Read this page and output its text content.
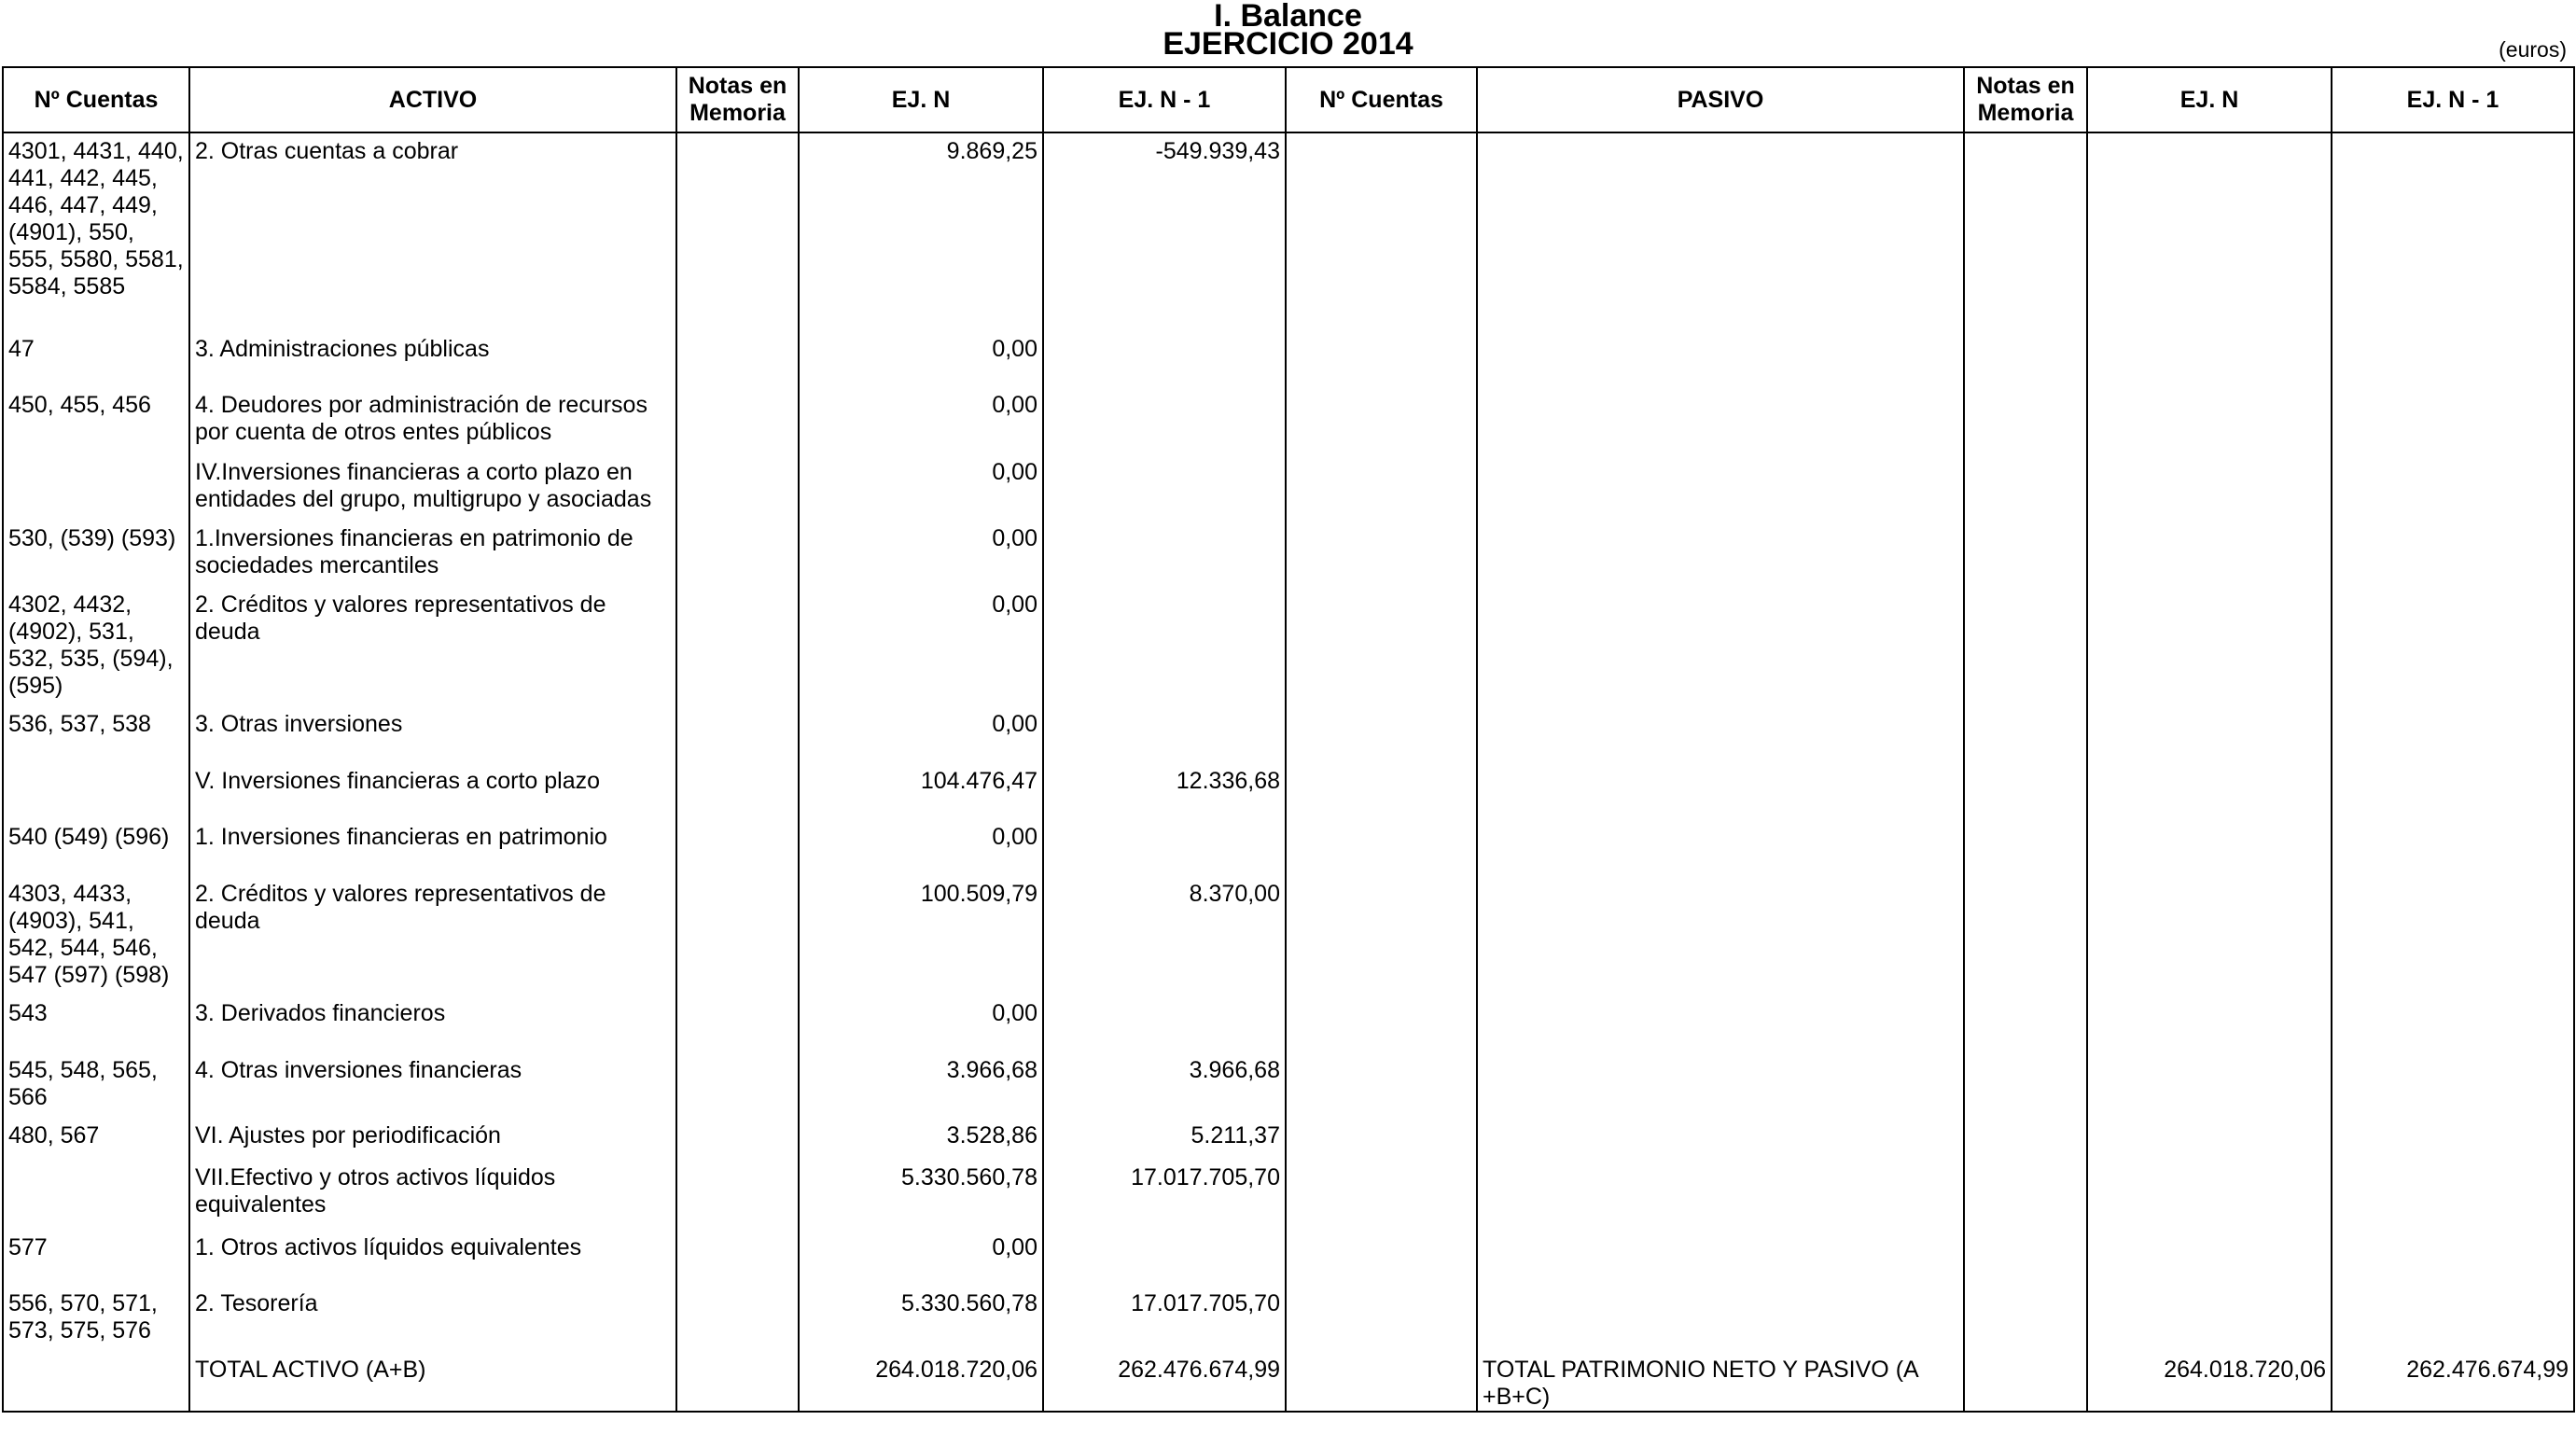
I. Balance
EJERCICIO 2014	(euros)
Nº Cuentas	ACTIVO	Notas en Memoria	EJ. N	EJ. N - 1	Nº Cuentas	PASIVO	Notas en Memoria	EJ. N	EJ. N - 1
4301, 4431, 440, 441, 442, 445, 446, 447, 449, (4901), 550, 555, 5580, 5581, 5584, 5585	2. Otras cuentas a cobrar		9.869,25	-549.939,43					
47	3. Administraciones públicas		0,00						
450, 455, 456	4. Deudores por administración de recursos por cuenta de otros entes públicos		0,00						
	IV.Inversiones financieras a corto plazo en entidades del grupo, multigrupo y asociadas		0,00						
530, (539) (593)	1.Inversiones financieras en patrimonio de sociedades mercantiles		0,00						
4302, 4432, (4902), 531, 532, 535, (594), (595)	2. Créditos y valores representativos de deuda		0,00						
536, 537, 538	3. Otras inversiones		0,00						
	V. Inversiones financieras a corto plazo		104.476,47	12.336,68					
540 (549) (596)	1. Inversiones financieras en patrimonio		0,00						
4303, 4433, (4903), 541, 542, 544, 546, 547 (597) (598)	2. Créditos y valores representativos de deuda		100.509,79	8.370,00					
543	3. Derivados financieros		0,00						
545, 548, 565, 566	4. Otras inversiones financieras		3.966,68	3.966,68					
480, 567	VI. Ajustes por periodificación		3.528,86	5.211,37					
	VII.Efectivo y otros activos líquidos equivalentes		5.330.560,78	17.017.705,70					
577	1. Otros activos líquidos equivalentes		0,00						
556, 570, 571, 573, 575, 576	2. Tesorería		5.330.560,78	17.017.705,70					
	TOTAL ACTIVO (A+B)		264.018.720,06	262.476.674,99		TOTAL PATRIMONIO NETO Y PASIVO (A +B+C)		264.018.720,06	262.476.674,99
